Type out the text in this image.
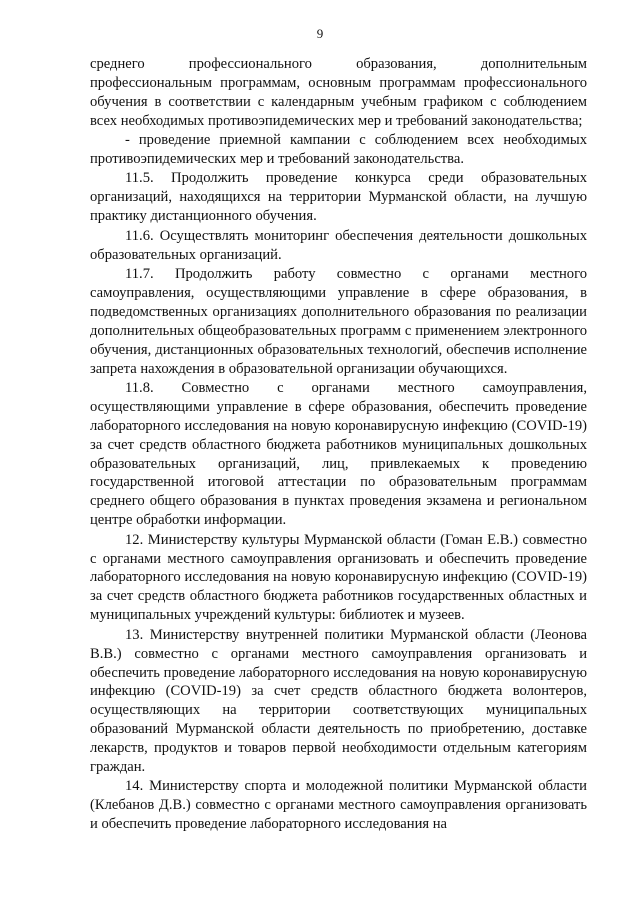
9

среднего профессионального образования, дополнительным профессиональным программам, основным программам профессионального обучения в соответствии с календарным учебным графиком с соблюдением всех необходимых противоэпидемических мер и требований законодательства;

- проведение приемной кампании с соблюдением всех необходимых противоэпидемических мер и требований законодательства.

11.5. Продолжить проведение конкурса среди образовательных организаций, находящихся на территории Мурманской области, на лучшую практику дистанционного обучения.

11.6. Осуществлять мониторинг обеспечения деятельности дошкольных образовательных организаций.

11.7. Продолжить работу совместно с органами местного самоуправления, осуществляющими управление в сфере образования, в подведомственных организациях дополнительного образования по реализации дополнительных общеобразовательных программ с применением электронного обучения, дистанционных образовательных технологий, обеспечив исполнение запрета нахождения в образовательной организации обучающихся.

11.8. Совместно с органами местного самоуправления, осуществляющими управление в сфере образования, обеспечить проведение лабораторного исследования на новую коронавирусную инфекцию (COVID-19) за счет средств областного бюджета работников муниципальных дошкольных образовательных организаций, лиц, привлекаемых к проведению государственной итоговой аттестации по образовательным программам среднего общего образования в пунктах проведения экзамена и региональном центре обработки информации.

12. Министерству культуры Мурманской области (Гоман Е.В.) совместно с органами местного самоуправления организовать и обеспечить проведение лабораторного исследования на новую коронавирусную инфекцию (COVID-19) за счет средств областного бюджета работников государственных областных и муниципальных учреждений культуры: библиотек и музеев.

13. Министерству внутренней политики Мурманской области (Леонова В.В.) совместно с органами местного самоуправления организовать и обеспечить проведение лабораторного исследования на новую коронавирусную инфекцию (COVID-19) за счет средств областного бюджета волонтеров, осуществляющих на территории соответствующих муниципальных образований Мурманской области деятельность по приобретению, доставке лекарств, продуктов и товаров первой необходимости отдельным категориям граждан.

14. Министерству спорта и молодежной политики Мурманской области (Клебанов Д.В.) совместно с органами местного самоуправления организовать и обеспечить проведение лабораторного исследования на
